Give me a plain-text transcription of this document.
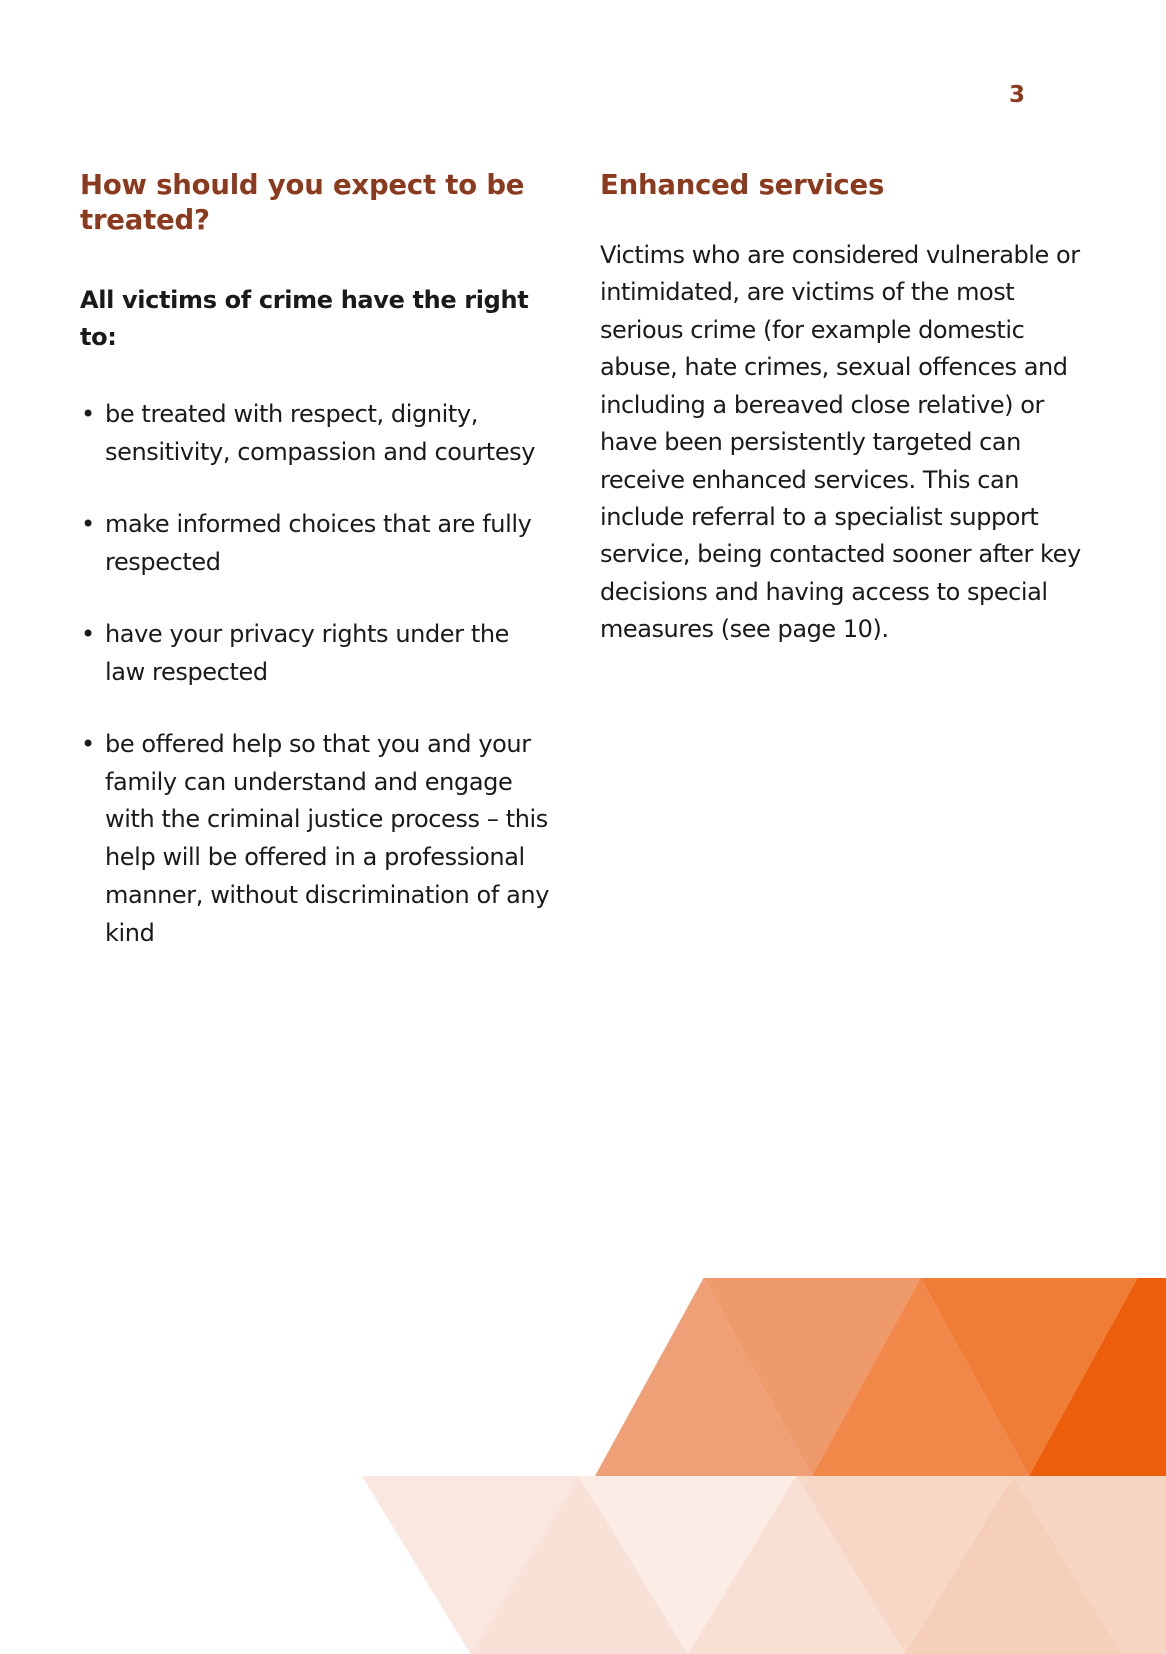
3
How should you expect to be treated?

All victims of crime have the right to:

• be treated with respect, dignity, sensitivity, compassion and courtesy
• make informed choices that are fully respected
• have your privacy rights under the law respected
• be offered help so that you and your family can understand and engage with the criminal justice process – this help will be offered in a professional manner, without discrimination of any kind
Enhanced services

Victims who are considered vulnerable or intimidated, are victims of the most serious crime (for example domestic abuse, hate crimes, sexual offences and including a bereaved close relative) or have been persistently targeted can receive enhanced services. This can include referral to a specialist support service, being contacted sooner after key decisions and having access to special measures (see page 10).
